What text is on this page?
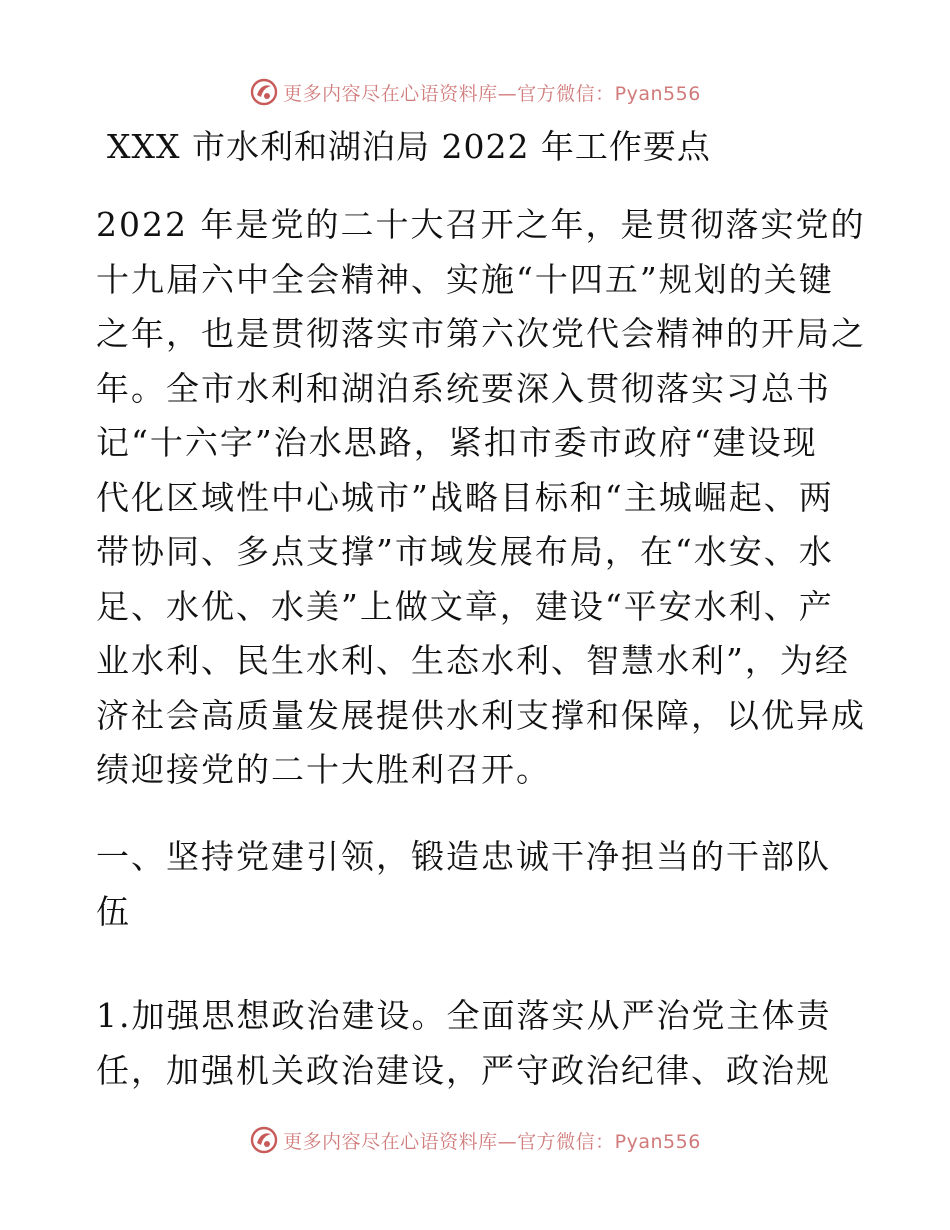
更多内容尽在心语资料库—官方微信：Pyan556
XXX 市水利和湖泊局 2022 年工作要点

2022 年是党的二十大召开之年，是贯彻落实党的
十九届六中全会精神、实施“十四五”规划的关键
之年，也是贯彻落实市第六次党代会精神的开局之
年。全市水利和湖泊系统要深入贯彻落实习总书
记“十六字”治水思路，紧扣市委市政府“建设现
代化区域性中心城市”战略目标和“主城崛起、两
带协同、多点支撑”市域发展布局，在“水安、水
足、水优、水美”上做文章，建设“平安水利、产
业水利、民生水利、生态水利、智慧水利”，为经
济社会高质量发展提供水利支撑和保障，以优异成
绩迎接党的二十大胜利召开。

一、坚持党建引领，锻造忠诚干净担当的干部队
伍

1.加强思想政治建设。全面落实从严治党主体责
任，加强机关政治建设，严守政治纪律、政治规

更多内容尽在心语资料库—官方微信：Pyan556
